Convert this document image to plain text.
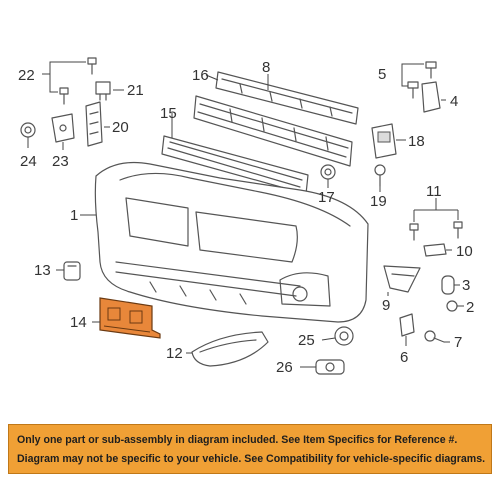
22
21
20
23
24
16	8
15
1
13
14
12
5
4
18
19
17	11
10
9
3
2
6
7
25
26
Only one part or sub-assembly in diagram included. See Item Specifics for Reference #.
Diagram may not be specific to your vehicle. See Compatibility for vehicle-specific diagrams.
